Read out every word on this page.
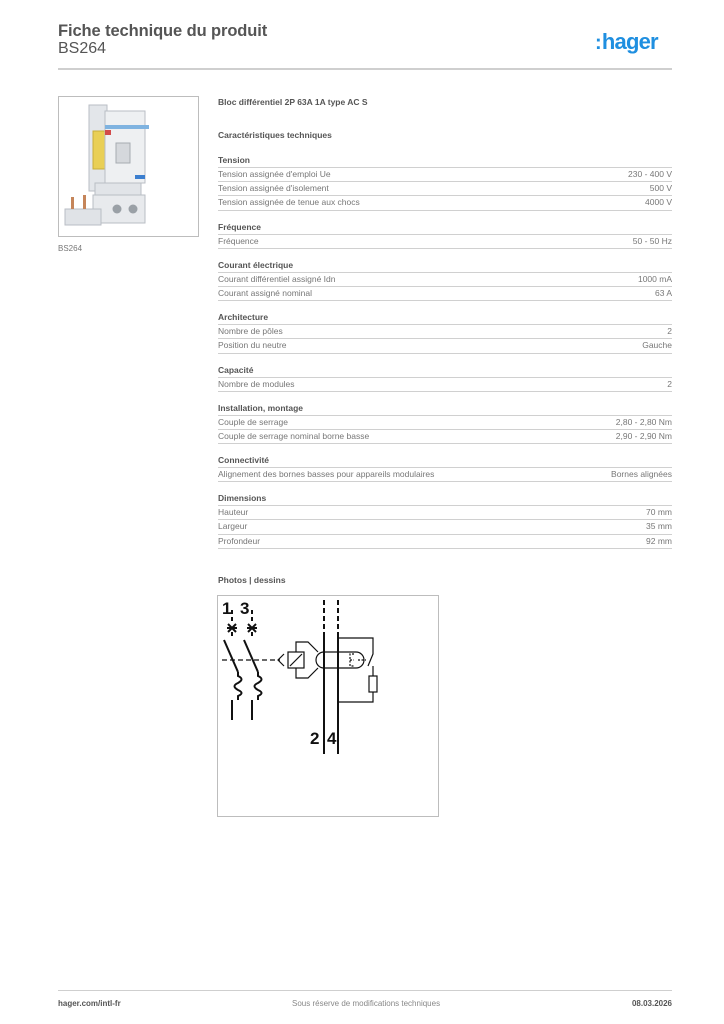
Fiche technique du produit
BS264	:hager
BS264
Bloc différentiel 2P 63A 1A type AC S
Caractéristiques techniques
Tension
Tension assignée d'emploi Ue	230 - 400 V
Tension assignée d'isolement	500 V
Tension assignée de tenue aux chocs	4000 V
Fréquence
Fréquence	50 - 50 Hz
Courant électrique
Courant différentiel assigné Idn	1000 mA
Courant assigné nominal	63 A
Architecture
Nombre de pôles	2
Position du neutre	Gauche
Capacité
Nombre de modules	2
Installation, montage
Couple de serrage	2,80 - 2,80 Nm
Couple de serrage nominal borne basse	2,90 - 2,90 Nm
Connectivité
Alignement des bornes basses pour appareils modulaires	Bornes alignées
Dimensions
Hauteur	70 mm
Largeur	35 mm
Profondeur	92 mm
Photos | dessins
1 3
2 4
hager.com/intl-fr	Sous réserve de modifications techniques	08.03.2026
